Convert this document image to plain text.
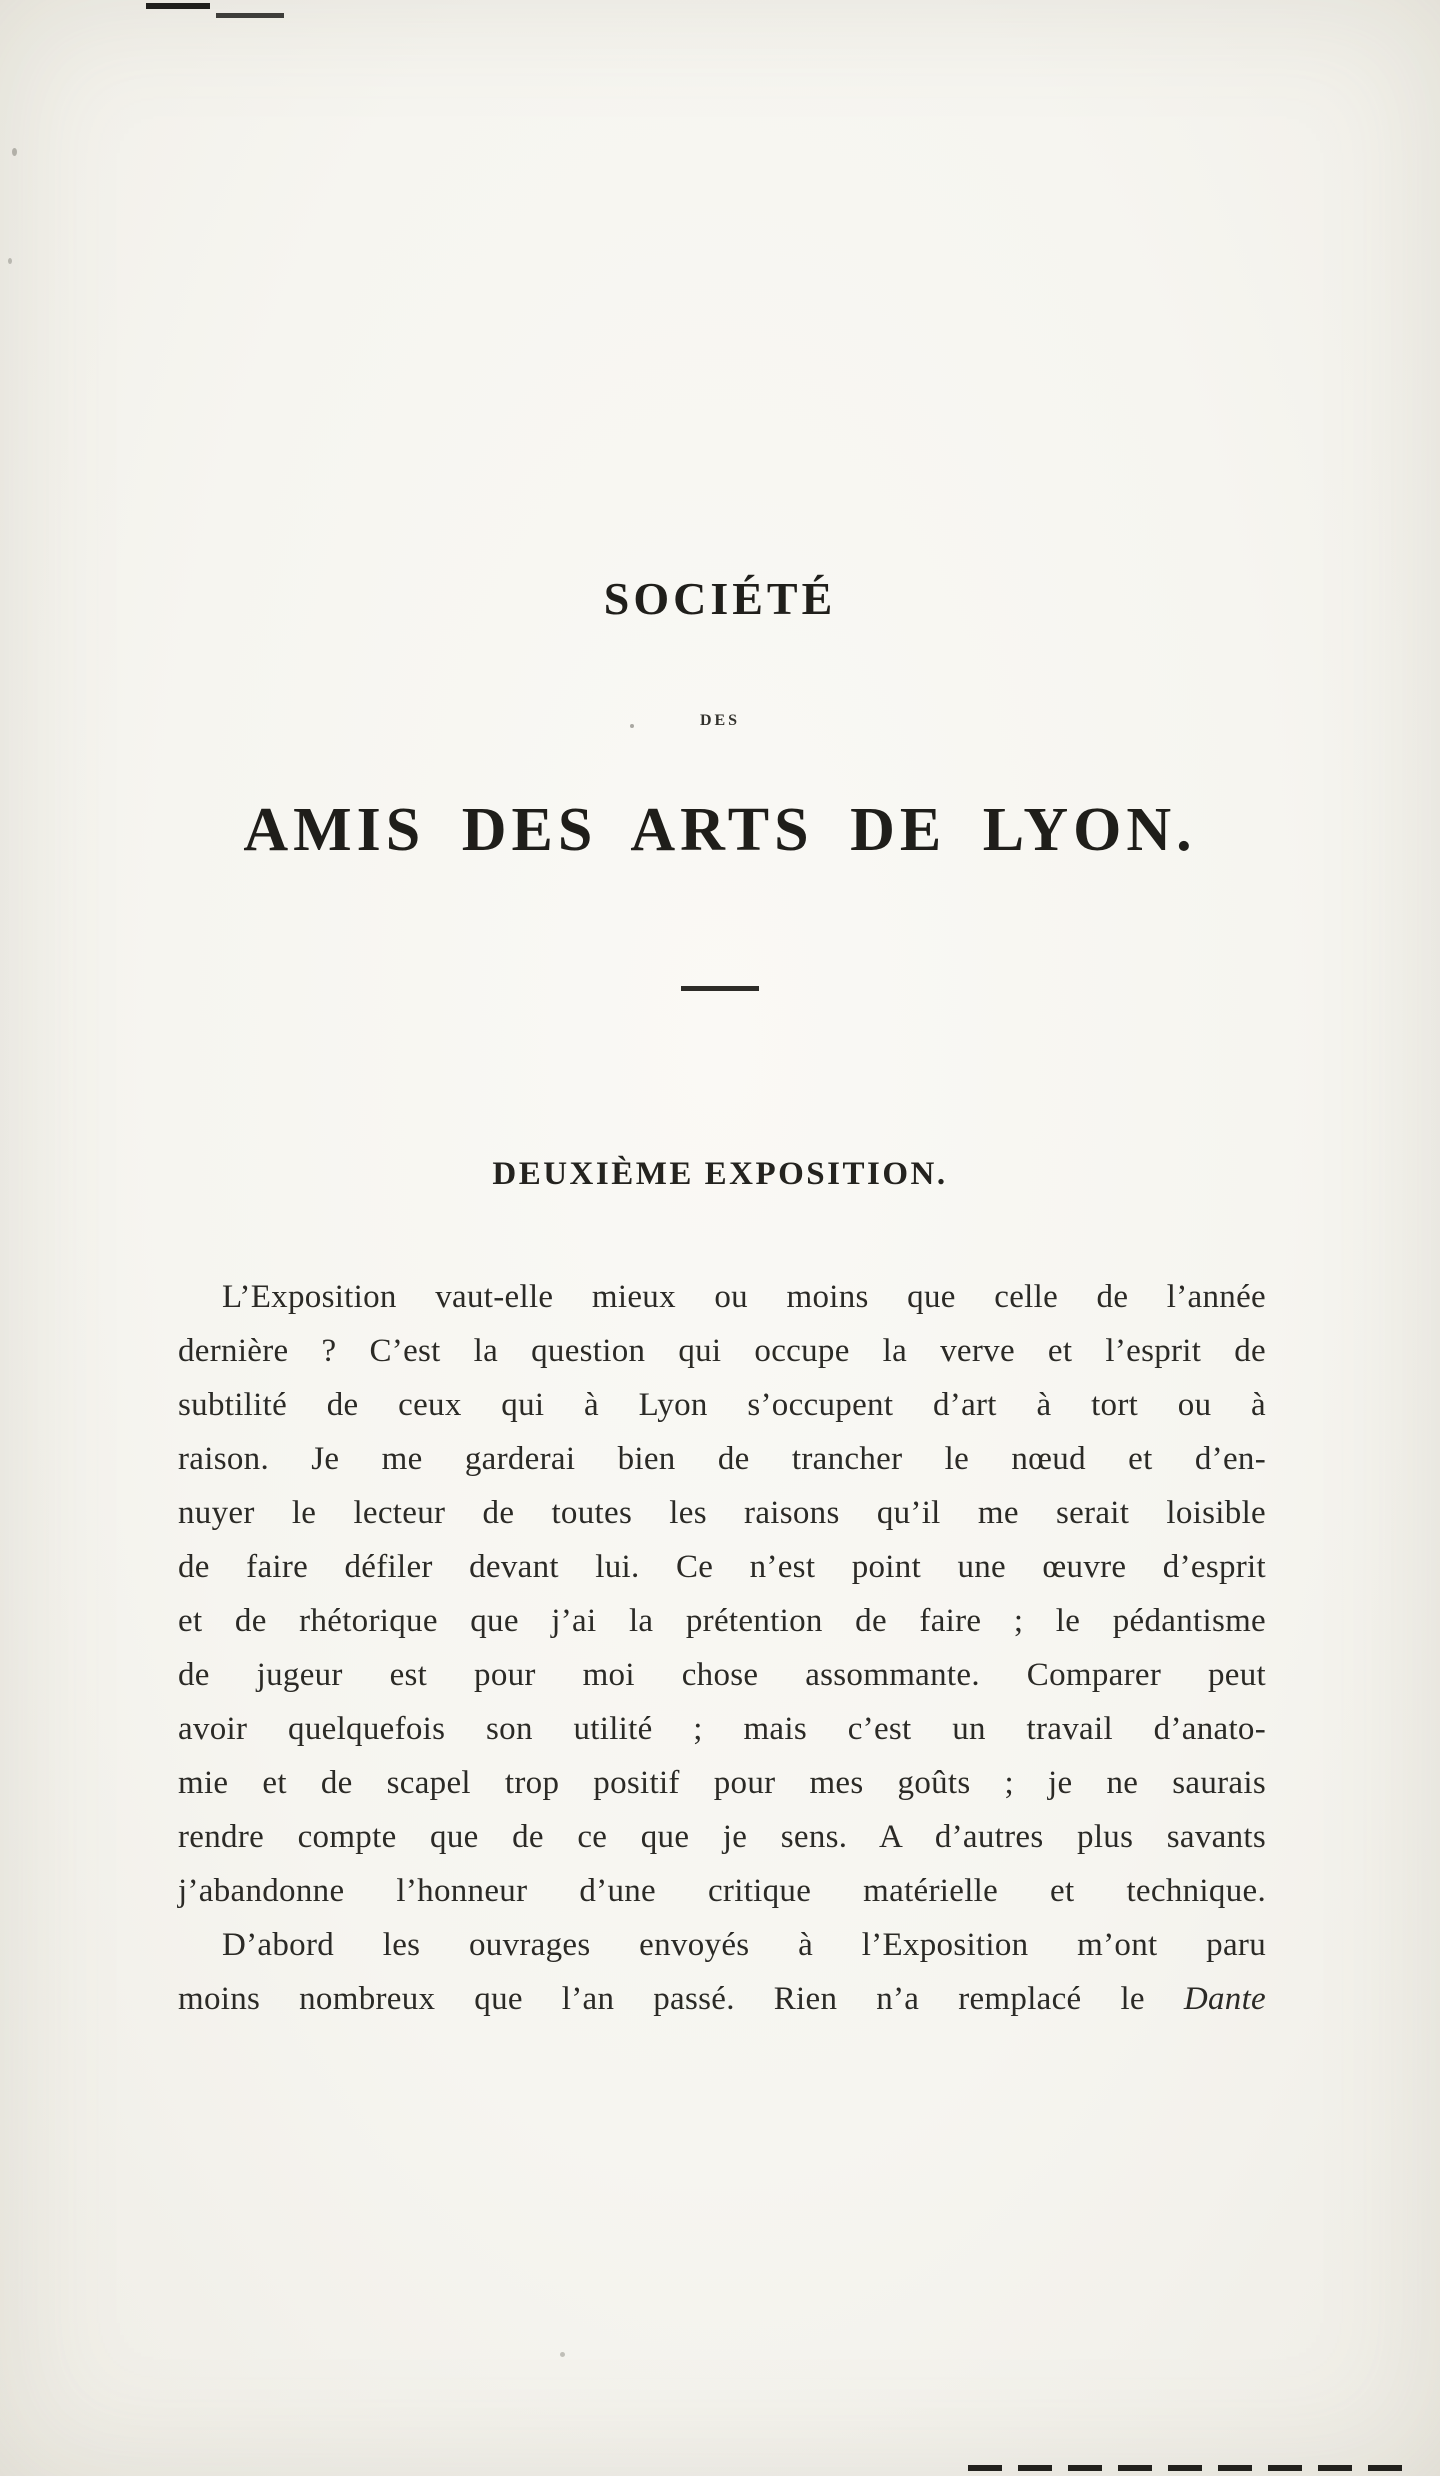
SOCIÉTÉ
DES
AMIS DES ARTS DE LYON.
DEUXIÈME EXPOSITION.
L’Exposition vaut-elle mieux ou moins que celle de l’année
dernière ? C’est la question qui occupe la verve et l’esprit de
subtilité de ceux qui à Lyon s’occupent d’art à tort ou à
raison. Je me garderai bien de trancher le nœud et d’en-
nuyer le lecteur de toutes les raisons qu’il me serait loisible
de faire défiler devant lui. Ce n’est point une œuvre d’esprit
et de rhétorique que j’ai la prétention de faire ; le pédantisme
de jugeur est pour moi chose assommante. Comparer peut
avoir quelquefois son utilité ; mais c’est un travail d’anato-
mie et de scapel trop positif pour mes goûts ; je ne saurais
rendre compte que de ce que je sens. A d’autres plus savants
j’abandonne l’honneur d’une critique matérielle et technique.
D’abord les ouvrages envoyés à l’Exposition m’ont paru
moins nombreux que l’an passé. Rien n’a remplacé le Dante
